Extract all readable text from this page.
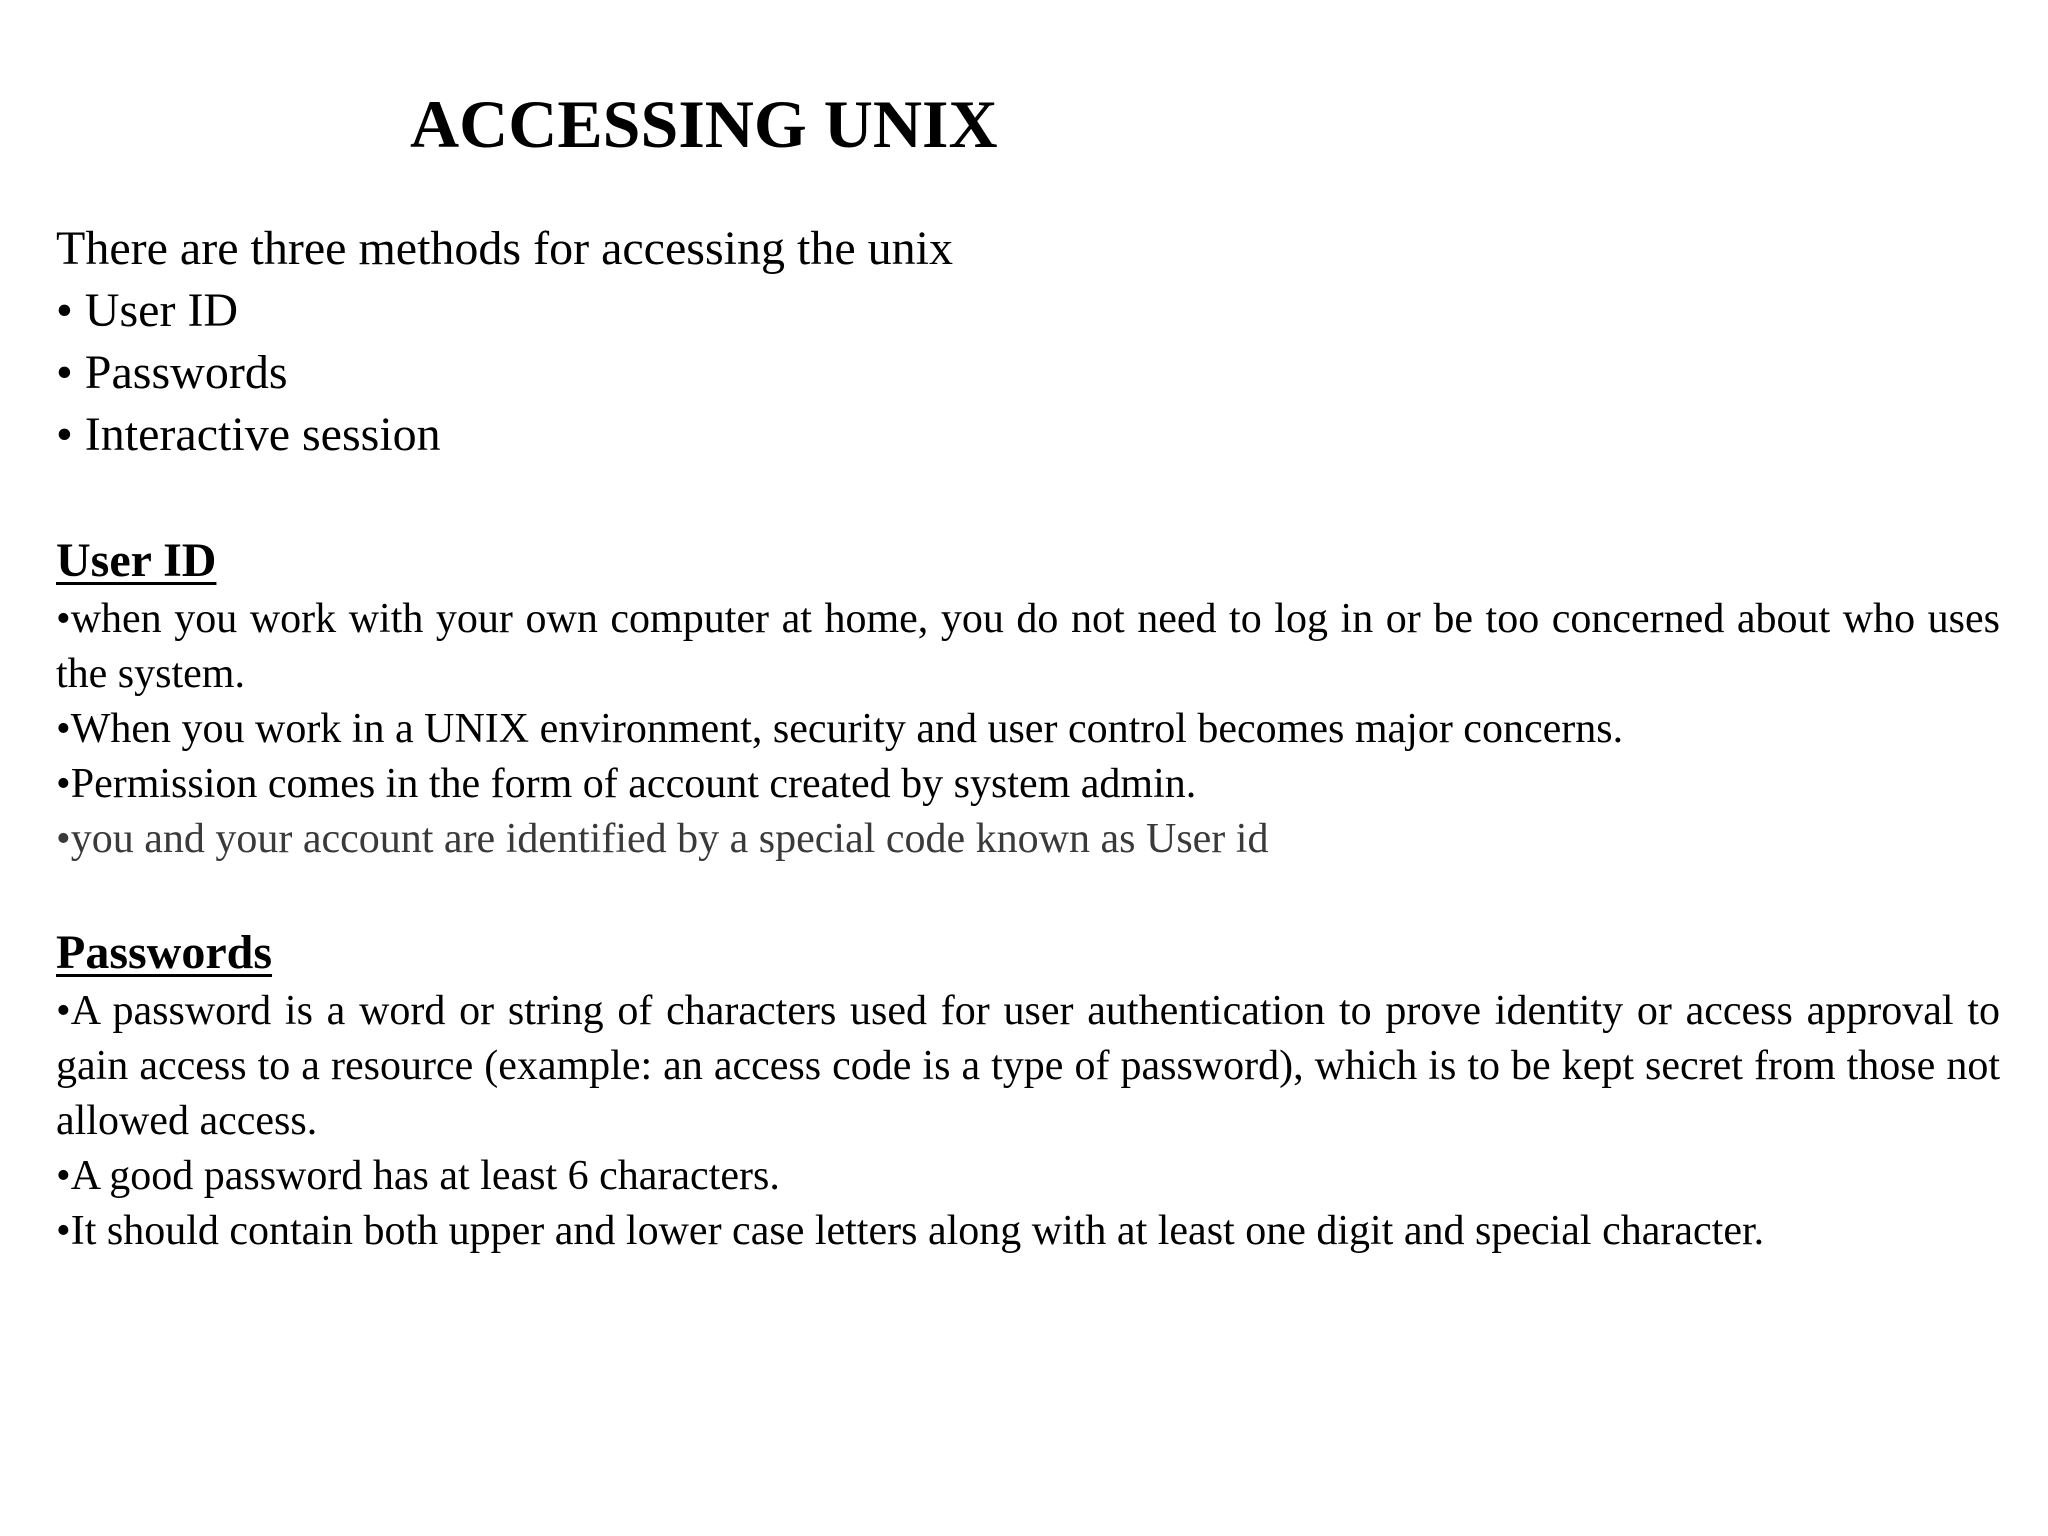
ACCESSING UNIX
There are three methods for accessing the unix
• User ID
• Passwords
• Interactive session
User ID

•when you work with your own computer at home, you do not need to log in or be too concerned about who uses the system.

•When you work in a UNIX environment, security and user control becomes major concerns.

•Permission comes in the form of account created by system admin.

•you and your account are identified by a special code known as User id

Passwords

•A password is a word or string of characters used for user authentication to prove identity or access approval to gain access to a resource (example: an access code is a type of password), which is to be kept secret from those not allowed access.

•A good password has at least 6 characters.

•It should contain both upper and lower case letters along with at least one digit and special character.
